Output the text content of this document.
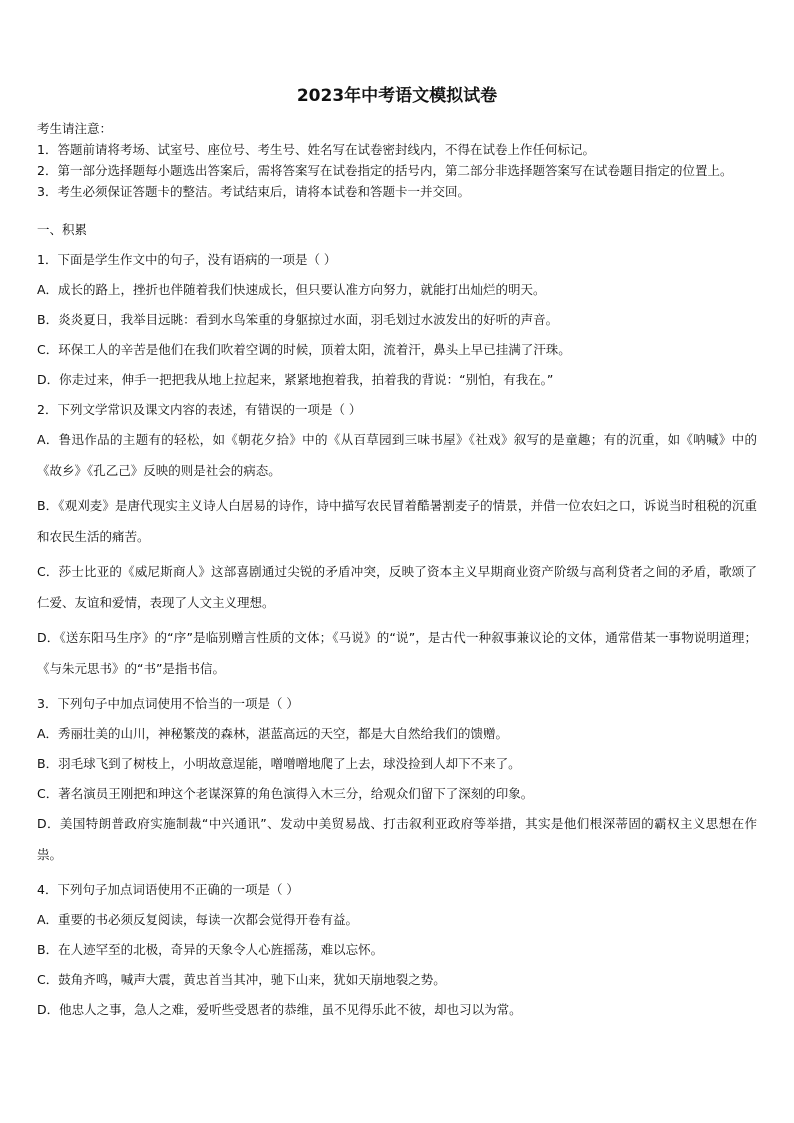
2023年中考语文模拟试卷
考生请注意：
1．答题前请将考场、试室号、座位号、考生号、姓名写在试卷密封线内，不得在试卷上作任何标记。
2．第一部分选择题每小题选出答案后，需将答案写在试卷指定的括号内，第二部分非选择题答案写在试卷题目指定的位置上。
3．考生必须保证答题卡的整洁。考试结束后，请将本试卷和答题卡一并交回。
一、积累
1．下面是学生作文中的句子，没有语病的一项是（ ）
A．成长的路上，挫折也伴随着我们快速成长，但只要认准方向努力，就能打出灿烂的明天。
B．炎炎夏日，我举目远眺：看到水鸟笨重的身躯掠过水面，羽毛划过水波发出的好听的声音。
C．环保工人的辛苦是他们在我们吹着空调的时候，顶着太阳，流着汗，鼻头上早已挂满了汗珠。
D．你走过来，伸手一把把我从地上拉起来，紧紧地抱着我，拍着我的背说：“别怕，有我在。”
2．下列文学常识及课文内容的表述，有错误的一项是（ ）
A．鲁迅作品的主题有的轻松，如《朝花夕拾》中的《从百草园到三味书屋》《社戏》叙写的是童趣；有的沉重，如《呐喊》中的《故乡》《孔乙己》反映的则是社会的病态。
B．《观刈麦》是唐代现实主义诗人白居易的诗作，诗中描写农民冒着酷暑割麦子的情景，并借一位农妇之口，诉说当时租税的沉重和农民生活的痛苦。
C．莎士比亚的《威尼斯商人》这部喜剧通过尖锐的矛盾冲突，反映了资本主义早期商业资产阶级与高利贷者之间的矛盾，歌颂了仁爱、友谊和爱情，表现了人文主义理想。
D．《送东阳马生序》的“序”是临别赠言性质的文体；《马说》的“说”，是古代一种叙事兼议论的文体，通常借某一事物说明道理；《与朱元思书》的“书”是指书信。
3．下列句子中加点词使用不恰当的一项是（ ）
A．秀丽壮美的山川，神秘繁茂的森林，湛蓝高远的天空，都是大自然给我们的馈赠。
B．羽毛球飞到了树枝上，小明故意逞能，噌噌噌地爬了上去，球没捡到人却下不来了。
C．著名演员王刚把和珅这个老谋深算的角色演得入木三分，给观众们留下了深刻的印象。
D．美国特朗普政府实施制裁“中兴通讯”、发动中美贸易战、打击叙利亚政府等举措，其实是他们根深蒂固的霸权主义思想在作祟。
4．下列句子加点词语使用不正确的一项是（ ）
A．重要的书必须反复阅读，每读一次都会觉得开卷有益。
B．在人迹罕至的北极，奇异的天象令人心旌摇荡，难以忘怀。
C．鼓角齐鸣，喊声大震，黄忠首当其冲，驰下山来，犹如天崩地裂之势。
D．他忠人之事，急人之难，爱听些受恩者的恭维，虽不见得乐此不彼，却也习以为常。
